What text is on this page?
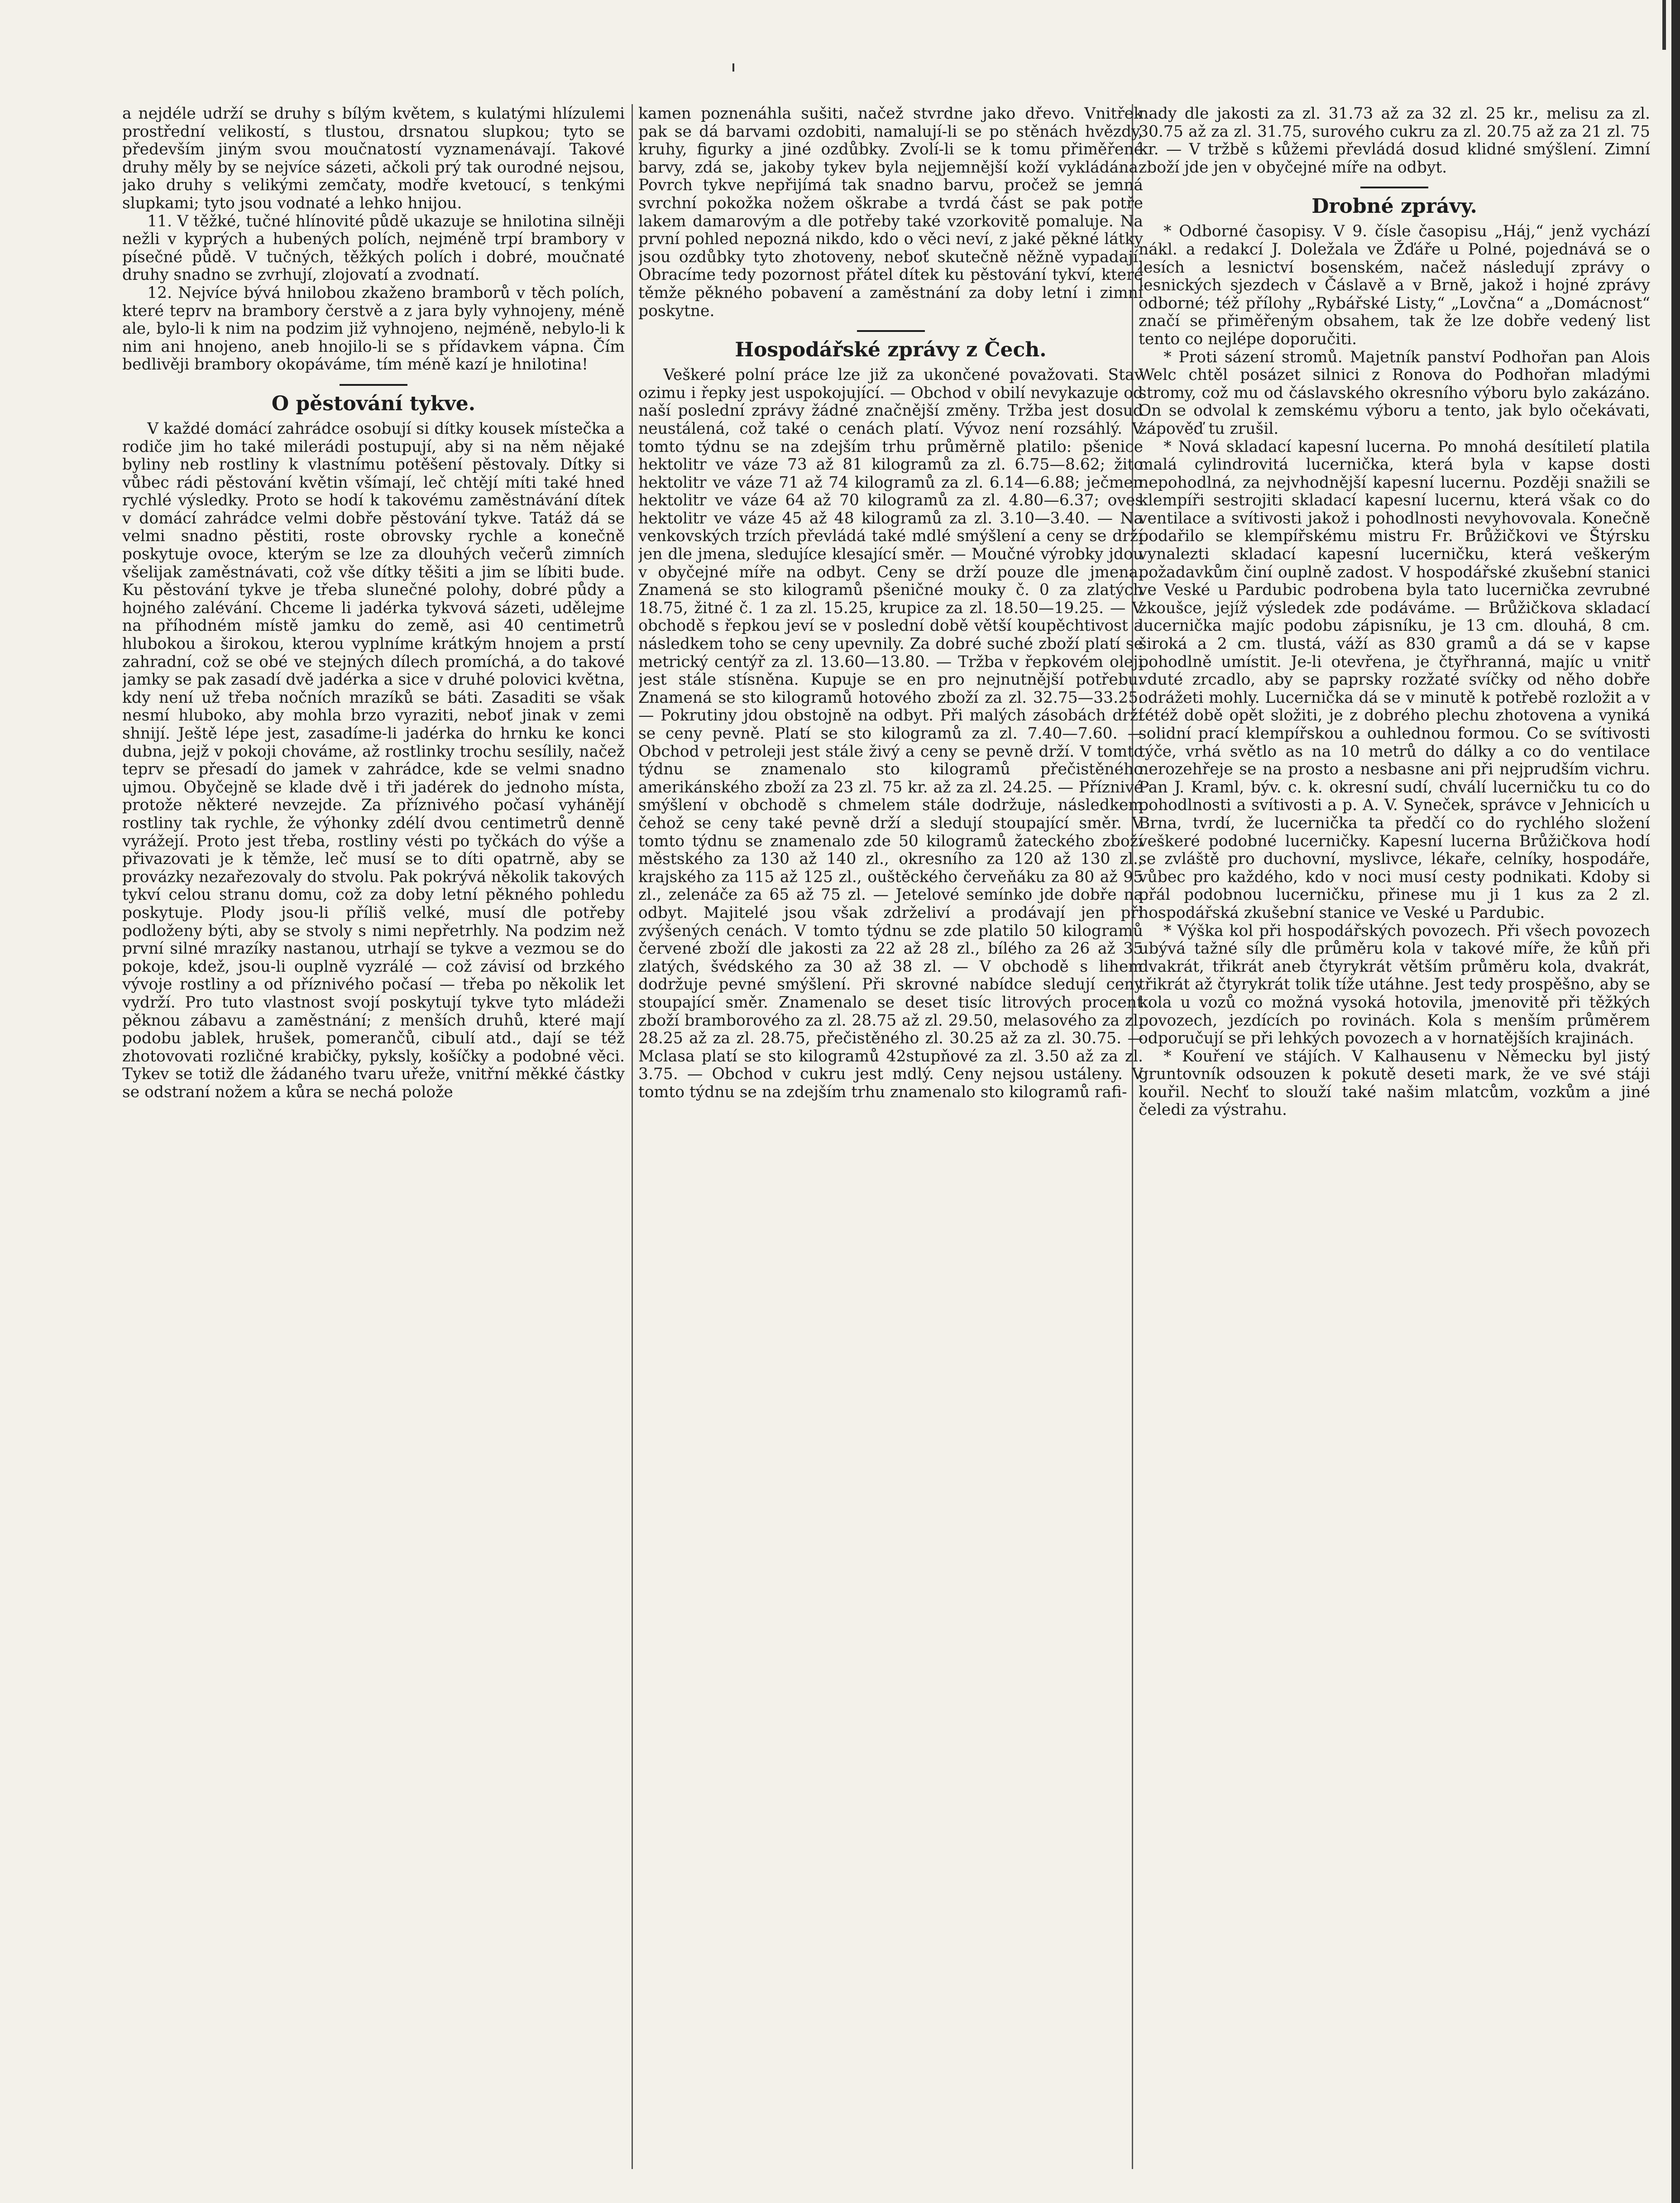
a nejdéle udrží se druhy s bílým květem, s kulatými hlízulemi prostřední velikostí, s tlustou, drsnatou slupkou; tyto se především jiným svou moučnatostí vyznamenávají. Takové druhy měly by se nejvíce sázeti, ačkoli prý tak ourodné nejsou, jako druhy s velikými zemčaty, modře kvetoucí, s tenkými slupkami; tyto jsou vodnaté a lehko hnijou.

11. V těžké, tučné hlínovité půdě ukazuje se hnilotina silněji nežli v kyprých a hubených polích, nejméně trpí brambory v písečné půdě. V tučných, těžkých polích i dobré, moučnaté druhy snadno se zvrhují, zlojovatí a zvodnatí.

12. Nejvíce bývá hnilobou zkaženo bramborů v těch polích, které teprv na brambory čerstvě a z jara byly vyhnojeny, méně ale, bylo-li k nim na podzim již vyhnojeno, nejméně, nebylo-li k nim ani hnojeno, aneb hnojilo-li se s přídavkem vápna. Čím bedlivěji brambory okopáváme, tím méně kazí je hnilotina!

O pěstování tykve.

V každé domácí zahrádce osobují si dítky kousek místečka a rodiče jim ho také milerádi postupují, aby si na něm nějaké byliny neb rostliny k vlastnímu potěšení pěstovaly. Dítky si vůbec rádi pěstování květin všímají, leč chtějí míti také hned rychlé výsledky. Proto se hodí k takovému zaměstnávání dítek v domácí zahrádce velmi dobře pěstování tykve. Tatáž dá se velmi snadno pěstiti, roste obrovsky rychle a konečně poskytuje ovoce, kterým se lze za dlouhých večerů zimních všelijak zaměstnávati, což vše dítky těšiti a jim se líbiti bude. Ku pěstování tykve je třeba slunečné polohy, dobré půdy a hojného zalévání. Chceme li jadérka tykvová sázeti, udělejme na příhodném místě jamku do země, asi 40 centimetrů hlubokou a širokou, kterou vyplníme krátkým hnojem a prstí zahradní, což se obé ve stejných dílech promíchá, a do takové jamky se pak zasadí dvě jadérka a sice v druhé polovici května, kdy není už třeba nočních mrazíků se báti. Zasaditi se však nesmí hluboko, aby mohla brzo vyraziti, neboť jinak v zemi shnijí. Ještě lépe jest, zasadíme-li jadérka do hrnku ke konci dubna, jejž v pokoji chováme, až rostlinky trochu sesílily, načež teprv se přesadí do jamek v zahrádce, kde se velmi snadno ujmou. Obyčejně se klade dvě i tři jadérek do jednoho místa, protože některé nevzejde. Za příznivého počasí vyhánějí rostliny tak rychle, že výhonky zdélí dvou centimetrů denně vyrážejí. Proto jest třeba, rostliny vésti po tyčkách do výše a přivazovati je k těmže, leč musí se to díti opatrně, aby se provázky nezařezovaly do stvolu. Pak pokrývá několik takových tykví celou stranu domu, což za doby letní pěkného pohledu poskytuje. Plody jsou-li příliš velké, musí dle potřeby podloženy býti, aby se stvoly s nimi nepřetrhly. Na podzim než první silné mrazíky nastanou, utrhají se tykve a vezmou se do pokoje, kdež, jsou-li ouplně vyzrálé — což závisí od brzkého vývoje rostliny a od příznivého počasí — třeba po několik let vydrží. Pro tuto vlastnost svojí poskytují tykve tyto mládeži pěknou zábavu a zaměstnání; z menších druhů, které mají podobu jablek, hrušek, pomerančů, cibulí atd., dají se též zhotovovati rozličné krabičky, pyksly, košíčky a podobné věci. Tykev se totiž dle žádaného tvaru uřeže, vnitřní měkké částky se odstraní nožem a kůra se nechá polože

kamen poznenáhla sušiti, načež stvrdne jako dřevo. Vnitřek pak se dá barvami ozdobiti, namalují-li se po stěnách hvězdy, kruhy, figurky a jiné ozdůbky. Zvolí-li se k tomu přiměřené barvy, zdá se, jakoby tykev byla nejjemnější koží vykládána. Povrch tykve nepřijímá tak snadno barvu, pročež se jemná svrchní pokožka nožem oškrabe a tvrdá část se pak potře lakem damarovým a dle potřeby také vzorkovitě pomaluje. Na první pohled nepozná nikdo, kdo o věci neví, z jaké pěkné látky jsou ozdůbky tyto zhotoveny, neboť skutečně něžně vypadají. Obracíme tedy pozornost přátel dítek ku pěstování tykví, které těmže pěkného pobavení a zaměstnání za doby letní i zimní poskytne.

Hospodářské zprávy z Čech.

Veškeré polní práce lze již za ukončené považovati. Stav ozimu i řepky jest uspokojující. — Obchod v obilí nevykazuje od naší poslední zprávy žádné značnější změny. Tržba jest dosud neustálená, což také o cenách platí. Vývoz není rozsáhlý. V tomto týdnu se na zdejším trhu průměrně platilo: pšenice hektolitr ve váze 73 až 81 kilogramů za zl. 6.75—8.62; žito hektolitr ve váze 71 až 74 kilogramů za zl. 6.14—6.88; ječmen hektolitr ve váze 64 až 70 kilogramů za zl. 4.80—6.37; oves hektolitr ve váze 45 až 48 kilogramů za zl. 3.10—3.40. — Na venkovských trzích převládá také mdlé smýšlení a ceny se drží jen dle jmena, sledujíce klesající směr. — Moučné výrobky jdou v obyčejné míře na odbyt. Ceny se drží pouze dle jmena. Znamená se sto kilogramů pšeničné mouky č. 0 za zlatých 18.75, žitné č. 1 za zl. 15.25, krupice za zl. 18.50—19.25. — V obchodě s řepkou jeví se v poslední době větší koupěchtivost a následkem toho se ceny upevnily. Za dobré suché zboží platí se metrický centýř za zl. 13.60—13.80. — Tržba v řepkovém oleji jest stále stísněna. Kupuje se en pro nejnutnější potřebu. Znamená se sto kilogramů hotového zboží za zl. 32.75—33.25. — Pokrutiny jdou obstojně na odbyt. Při malých zásobách drží se ceny pevně. Platí se sto kilogramů za zl. 7.40—7.60. — Obchod v petroleji jest stále živý a ceny se pevně drží. V tomto týdnu se znamenalo sto kilogramů přečistěného amerikánského zboží za 23 zl. 75 kr. až za zl. 24.25. — Příznivé smýšlení v obchodě s chmelem stále dodržuje, následkem čehož se ceny také pevně drží a sledují stoupající směr. V tomto týdnu se znamenalo zde 50 kilogramů žateckého zboží městského za 130 až 140 zl., okresního za 120 až 130 zl., krajského za 115 až 125 zl., ouštěckého červeňáku za 80 až 95 zl., zelenáče za 65 až 75 zl. — Jetelové semínko jde dobře na odbyt. Majitelé jsou však zdrželiví a prodávají jen při zvýšených cenách. V tomto týdnu se zde platilo 50 kilogramů červené zboží dle jakosti za 22 až 28 zl., bílého za 26 až 35 zlatých, švédského za 30 až 38 zl. — V obchodě s lihem dodržuje pevné smýšlení. Při skrovné nabídce sledují ceny stoupající směr. Znamenalo se deset tisíc litrových procent zboží bramborového za zl. 28.75 až zl. 29.50, melasového za zl. 28.25 až za zl. 28.75, přečistěného zl. 30.25 až za zl. 30.75. — Mclasa platí se sto kilogramů 42stupňové za zl. 3.50 až za zl. 3.75. — Obchod v cukru jest mdlý. Ceny nejsou ustáleny. V tomto týdnu se na zdejším trhu znamenalo sto kilogramů rafi-

nady dle jakosti za zl. 31.73 až za 32 zl. 25 kr., melisu za zl. 30.75 až za zl. 31.75, surového cukru za zl. 20.75 až za 21 zl. 75 kr. — V tržbě s kůžemi převládá dosud klidné smýšlení. Zimní zboží jde jen v obyčejné míře na odbyt.

Drobné zprávy.

* Odborné časopisy. V 9. čísle časopisu „Háj,“ jenž vychází nákl. a redakcí J. Doležala ve Žďáře u Polné, pojednává se o lesích a lesnictví bosenském, načež následují zprávy o lesnických sjezdech v Čáslavě a v Brně, jakož i hojné zprávy odborné; též přílohy „Rybářské Listy,“ „Lovčna“ a „Domácnost“ značí se přiměřeným obsahem, tak že lze dobře vedený list tento co nejlépe doporučiti.

* Proti sázení stromů. Majetník panství Podhořan pan Alois Welc chtěl posázet silnici z Ronova do Podhořan mladými stromy, což mu od čáslavského okresního výboru bylo zakázáno. On se odvolal k zemskému výboru a tento, jak bylo očekávati, zápověď tu zrušil.

* Nová skladací kapesní lucerna. Po mnohá desítiletí platila malá cylindrovitá lucernička, která byla v kapse dosti nepohodlná, za nejvhodnější kapesní lucernu. Později snažili se klempíři sestrojiti skladací kapesní lucernu, která však co do ventilace a svítivosti jakož i pohodlnosti nevyhovovala. Konečně podařilo se klempířskému mistru Fr. Brůžičkovi ve Štýrsku vynalezti skladací kapesní lucerničku, která veškerým požadavkům činí ouplně zadost. V hospodářské zkušební stanici ve Veské u Pardubic podrobena byla tato lucernička zevrubné zkoušce, jejíž výsledek zde podáváme. — Brůžičkova skladací lucernička majíc podobu zápisníku, je 13 cm. dlouhá, 8 cm. široká a 2 cm. tlustá, váží as 830 gramů a dá se v kapse pohodlně umístit. Je-li otevřena, je čtyřhranná, majíc u vnitř vduté zrcadlo, aby se paprsky rozžaté svíčky od něho dobře odrážeti mohly. Lucernička dá se v minutě k potřebě rozložit a v tétéž době opět složiti, je z dobrého plechu zhotovena a vyniká solidní prací klempířskou a ouhlednou formou. Co se svítivosti týče, vrhá světlo as na 10 metrů do dálky a co do ventilace nerozehřeje se na prosto a nesbasne ani při nejprudším vichru. Pan J. Kraml, býv. c. k. okresní sudí, chválí lucerničku tu co do pohodlnosti a svítivosti a p. A. V. Syneček, správce v Jehnicích u Brna, tvrdí, že lucernička ta předčí co do rychlého složení veškeré podobné lucerničky. Kapesní lucerna Brůžičkova hodí se zvláště pro duchovní, myslivce, lékaře, celníky, hospodáře, vůbec pro každého, kdo v noci musí cesty podnikati. Kdoby si přál podobnou lucerničku, přinese mu ji 1 kus za 2 zl. hospodářská zkušební stanice ve Veské u Pardubic.

* Výška kol při hospodářských povozech. Při všech povozech ubývá tažné síly dle průměru kola v takové míře, že kůň při dvakrát, třikrát aneb čtyrykrát větším průměru kola, dvakrát, třikrát až čtyrykrát tolik tíže utáhne. Jest tedy prospěšno, aby se kola u vozů co možná vysoká hotovila, jmenovitě při těžkých povozech, jezdících po rovinách. Kola s menším průměrem odporučují se při lehkých povozech a v hornatějších krajinách.

* Kouření ve stájích. V Kalhausenu v Německu byl jistý gruntovník odsouzen k pokutě deseti mark, že ve své stáji kouřil. Nechť to slouží také našim mlatcům, vozkům a jiné čeledi za výstrahu.
